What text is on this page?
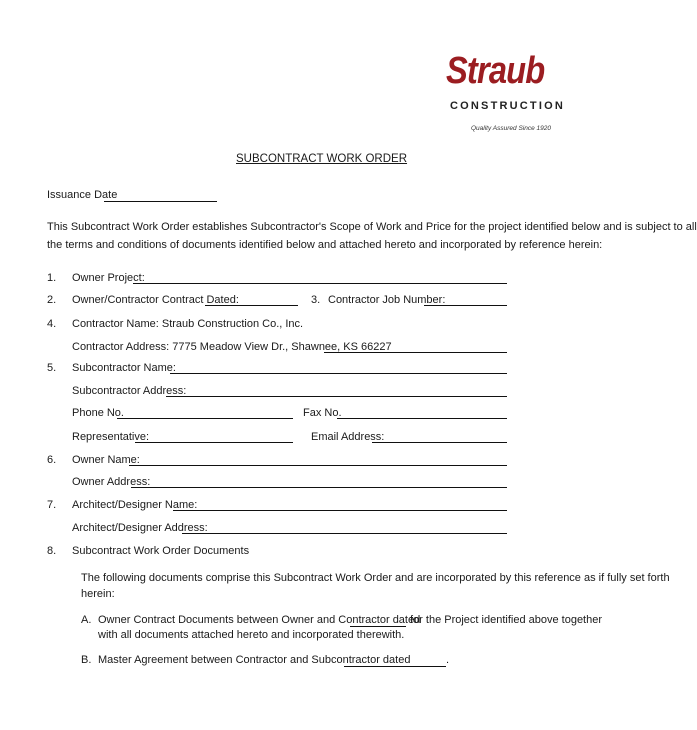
Straub
CONSTRUCTION
Quality Assured Since 1920
SUBCONTRACT WORK ORDER
Issuance Date
This Subcontract Work Order establishes Subcontractor's Scope of Work and Price for the project identified below and is subject to all
the terms and conditions of documents identified below and attached hereto and incorporated by reference herein:
1. Owner Project:
2. Owner/Contractor Contract Dated:	3. Contractor Job Number:
4. Contractor Name: Straub Construction Co., Inc.
Contractor Address: 7775 Meadow View Dr., Shawnee, KS 66227
5. Subcontractor Name:
Subcontractor Address:
Phone No.	Fax No.
Representative:	Email Address:
6. Owner Name:
Owner Address:
7. Architect/Designer Name:
Architect/Designer Address:
8. Subcontract Work Order Documents
The following documents comprise this Subcontract Work Order and are incorporated by this reference as if fully set forth
herein:
A. Owner Contract Documents between Owner and Contractor dated
for the Project identified above together
with all documents attached hereto and incorporated therewith.
B. Master Agreement between Contractor and Subcontractor dated	.
